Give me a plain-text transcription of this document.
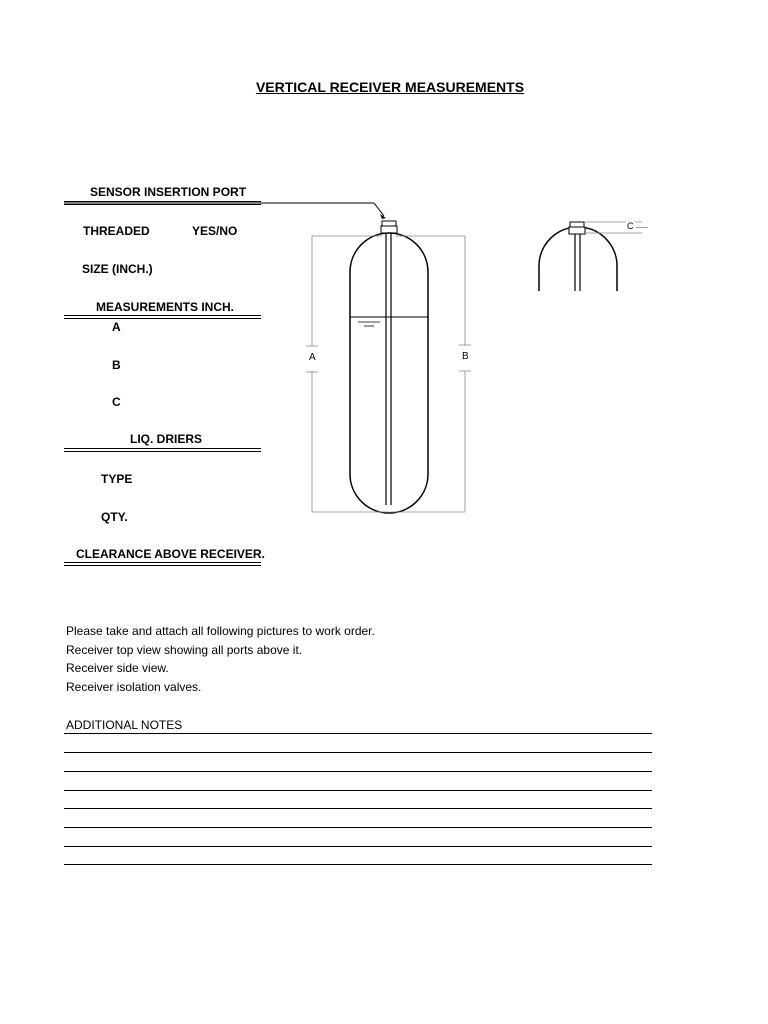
VERTICAL RECEIVER MEASUREMENTS
SENSOR INSERTION PORT
THREADED	YES/NO
SIZE (INCH.)
MEASUREMENTS INCH.
A
B
C
LIQ. DRIERS
TYPE
QTY.
CLEARANCE ABOVE RECEIVER.
A	B
C
Please take and attach all following pictures to work order.
Receiver top view showing all ports above it.
Receiver side view.
Receiver isolation valves.
ADDITIONAL NOTES
